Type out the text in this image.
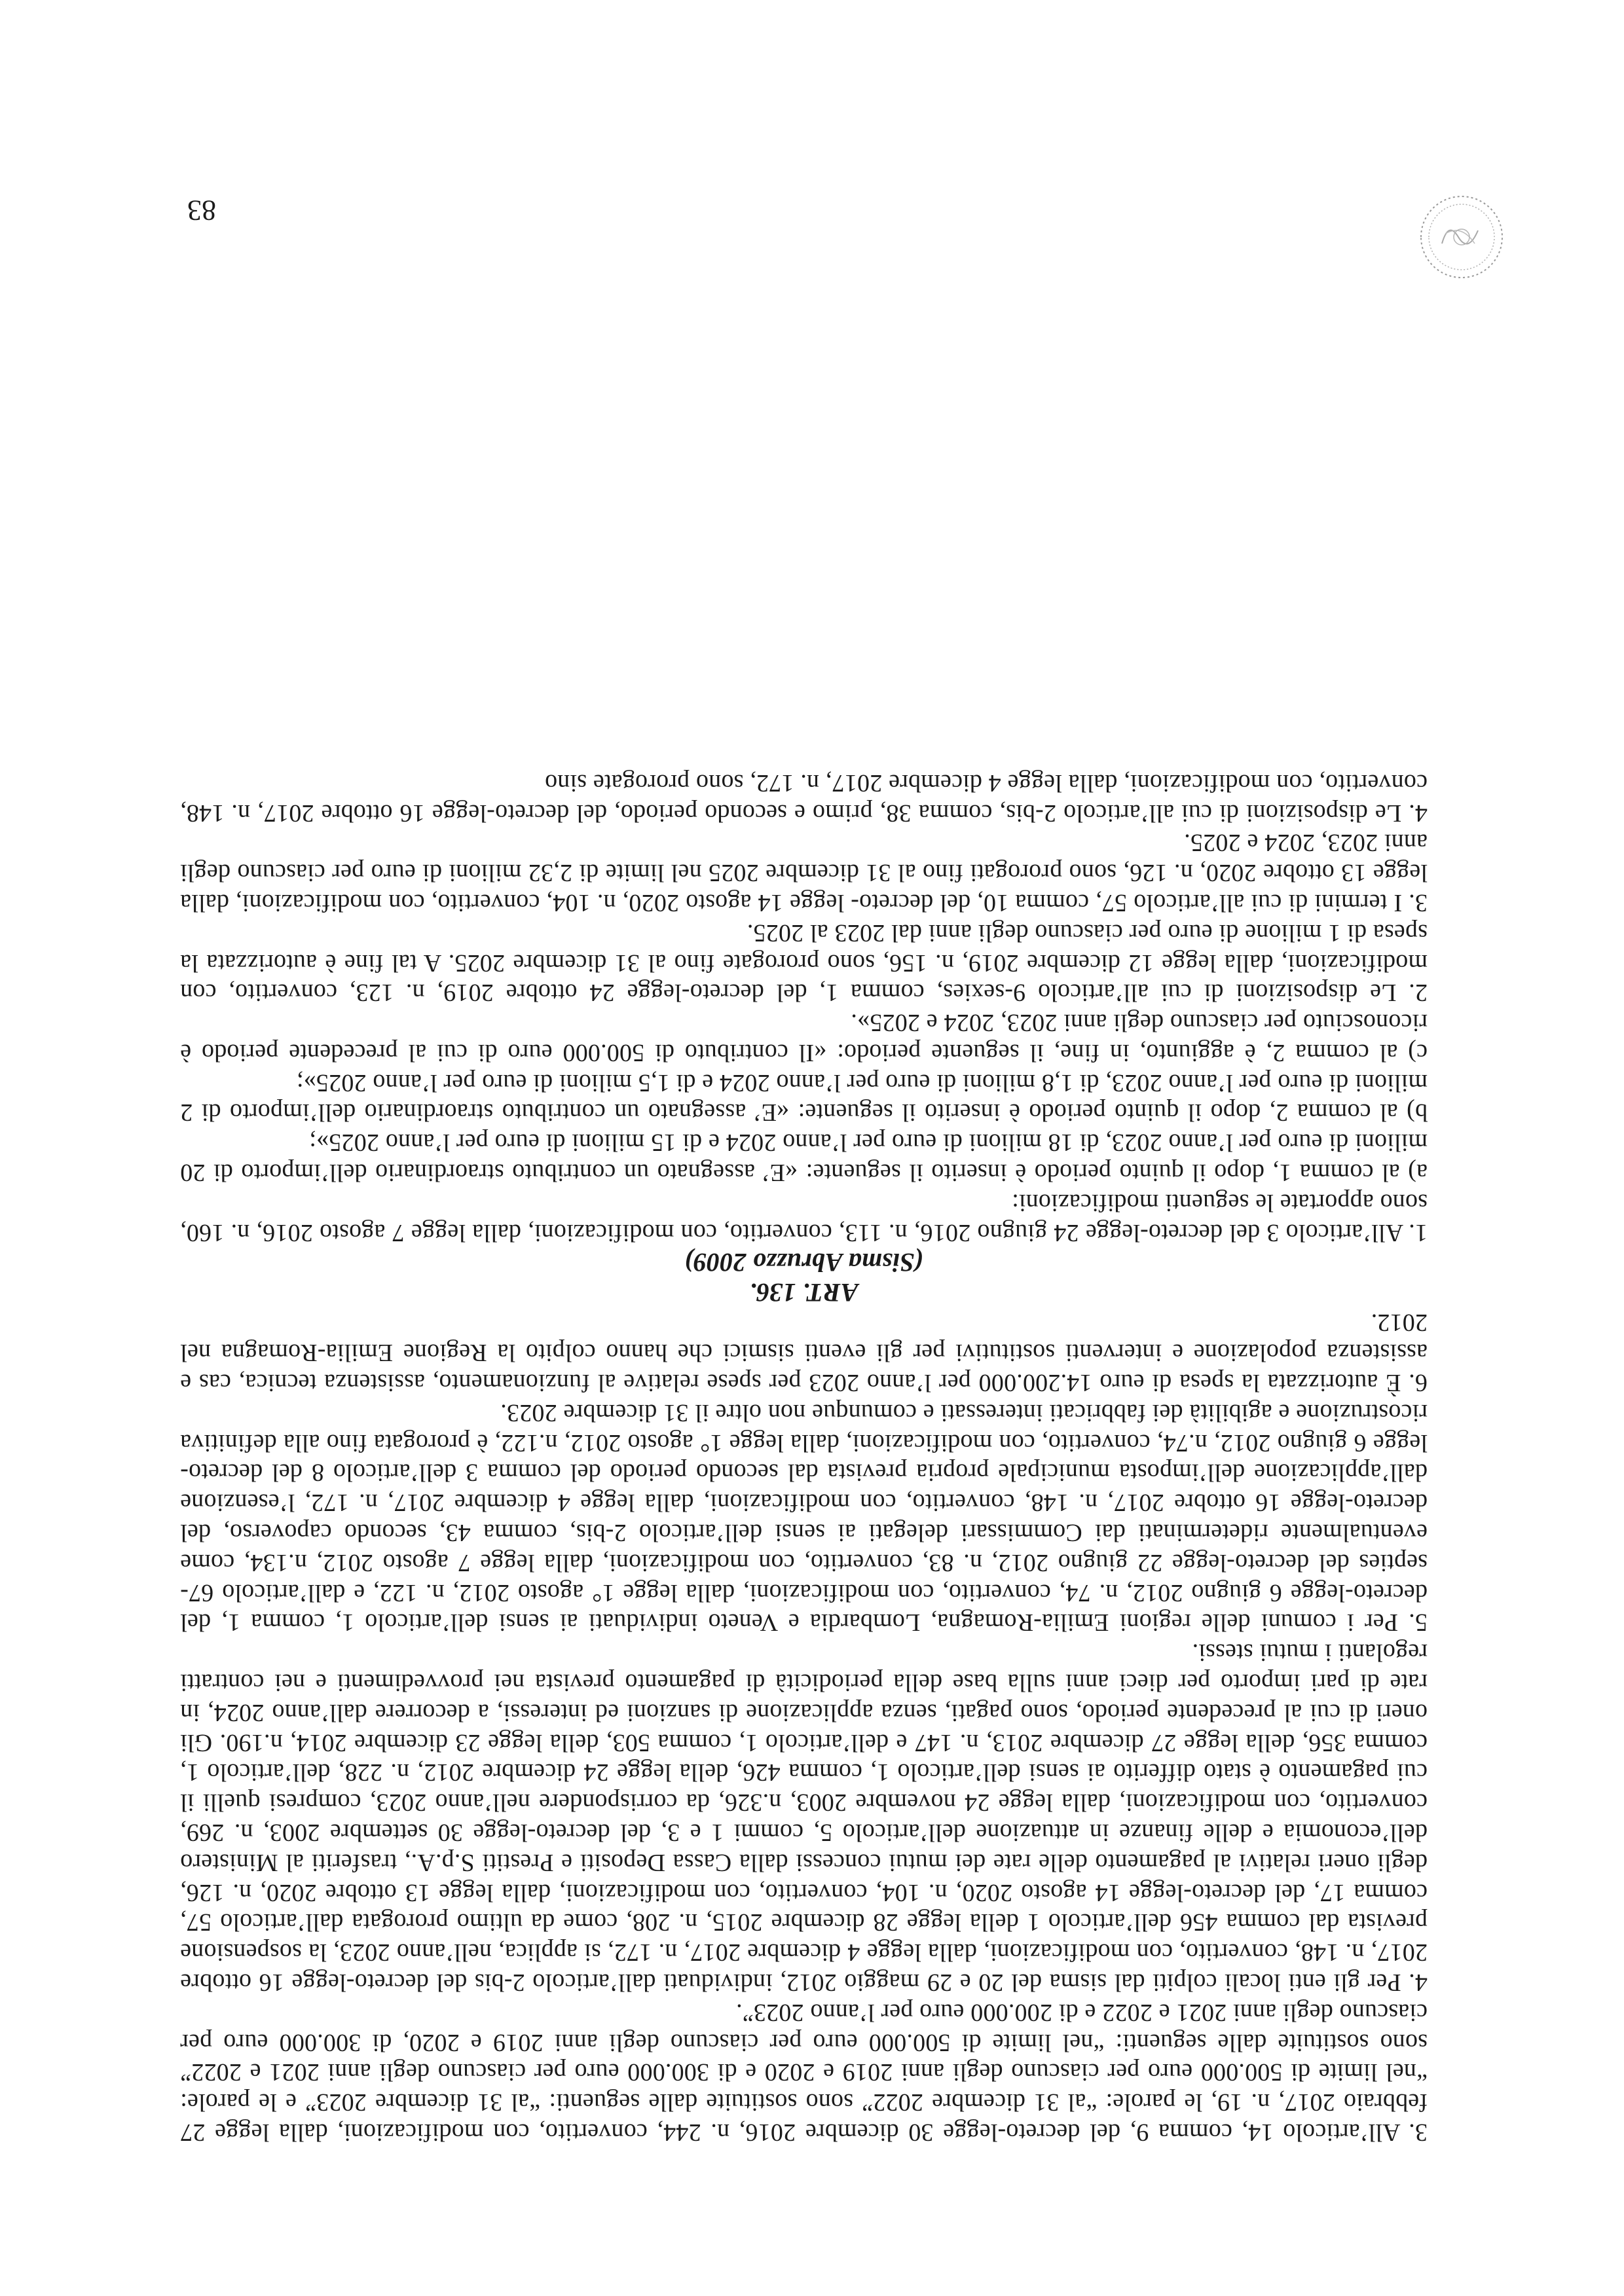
3. All’articolo 14, comma 9, del decreto-legge 30 dicembre 2016, n. 244, convertito, con modificazioni, dalla legge 27 febbraio 2017, n. 19, le parole: “al 31 dicembre 2022” sono sostituite dalle seguenti: “al 31 dicembre 2023” e le parole: “nel limite di 500.000 euro per ciascuno degli anni 2019 e 2020 e di 300.000 euro per ciascuno degli anni 2021 e 2022” sono sostituite dalle seguenti: “nel limite di 500.000 euro per ciascuno degli anni 2019 e 2020, di 300.000 euro per ciascuno degli anni 2021 e 2022 e di 200.000 euro per l’anno 2023”.

4. Per gli enti locali colpiti dal sisma del 20 e 29 maggio 2012, individuati dall’articolo 2-bis del decreto-legge 16 ottobre 2017, n. 148, convertito, con modificazioni, dalla legge 4 dicembre 2017, n. 172, si applica, nell’anno 2023, la sospensione prevista dal comma 456 dell’articolo 1 della legge 28 dicembre 2015, n. 208, come da ultimo prorogata dall’articolo 57, comma 17, del decreto-legge 14 agosto 2020, n. 104, convertito, con modificazioni, dalla legge 13 ottobre 2020, n. 126, degli oneri relativi al pagamento delle rate dei mutui concessi dalla Cassa Depositi e Prestiti S.p.A., trasferiti al Ministero dell’economia e delle finanze in attuazione dell’articolo 5, commi 1 e 3, del decreto-legge 30 settembre 2003, n. 269, convertito, con modificazioni, dalla legge 24 novembre 2003, n.326, da corrispondere nell’anno 2023, compresi quelli il cui pagamento è stato differito ai sensi dell’articolo 1, comma 426, della legge 24 dicembre 2012, n. 228, dell’articolo 1, comma 356, della legge 27 dicembre 2013, n. 147 e dell’articolo 1, comma 503, della legge 23 dicembre 2014, n.190. Gli oneri di cui al precedente periodo, sono pagati, senza applicazione di sanzioni ed interessi, a decorrere dall’anno 2024, in rate di pari importo per dieci anni sulla base della periodicità di pagamento prevista nei provvedimenti e nei contratti regolanti i mutui stessi.

5. Per i comuni delle regioni Emilia-Romagna, Lombardia e Veneto individuati ai sensi dell’articolo 1, comma 1, del decreto-legge 6 giugno 2012, n. 74, convertito, con modificazioni, dalla legge 1° agosto 2012, n. 122, e dall’articolo 67-septies del decreto-legge 22 giugno 2012, n. 83, convertito, con modificazioni, dalla legge 7 agosto 2012, n.134, come eventualmente rideterminati dai Commissari delegati ai sensi dell’articolo 2-bis, comma 43, secondo capoverso, del decreto-legge 16 ottobre 2017, n. 148, convertito, con modificazioni, dalla legge 4 dicembre 2017, n. 172, l’esenzione dall’applicazione dell’imposta municipale propria prevista dal secondo periodo del comma 3 dell’articolo 8 del decreto-legge 6 giugno 2012, n.74, convertito, con modificazioni, dalla legge 1° agosto 2012, n.122, è prorogata fino alla definitiva ricostruzione e agibilità dei fabbricati interessati e comunque non oltre il 31 dicembre 2023.

6. È autorizzata la spesa di euro 14.200.000 per l’anno 2023 per spese relative al funzionamento, assistenza tecnica, cas e assistenza popolazione e interventi sostitutivi per gli eventi sismici che hanno colpito la Regione Emilia-Romagna nel 2012.

ART. 136.

(Sisma Abruzzo 2009)

1. All’articolo 3 del decreto-legge 24 giugno 2016, n. 113, convertito, con modificazioni, dalla legge 7 agosto 2016, n. 160, sono apportate le seguenti modificazioni:

a) al comma 1, dopo il quinto periodo è inserito il seguente: «E’ assegnato un contributo straordinario dell’importo di 20 milioni di euro per l’anno 2023, di 18 milioni di euro per l’anno 2024 e di 15 milioni di euro per l’anno 2025»;

b) al comma 2, dopo il quinto periodo è inserito il seguente: «E’ assegnato un contributo straordinario dell’importo di 2 milioni di euro per l’anno 2023, di 1,8 milioni di euro per l’anno 2024 e di 1,5 milioni di euro per l’anno 2025»;

c) al comma 2, è aggiunto, in fine, il seguente periodo: «Il contributo di 500.000 euro di cui al precedente periodo è riconosciuto per ciascuno degli anni 2023, 2024 e 2025».

2. Le disposizioni di cui all’articolo 9-sexies, comma 1, del decreto-legge 24 ottobre 2019, n. 123, convertito, con modificazioni, dalla legge 12 dicembre 2019, n. 156, sono prorogate fino al 31 dicembre 2025. A tal fine è autorizzata la spesa di 1 milione di euro per ciascuno degli anni dal 2023 al 2025.

3. I termini di cui all’articolo 57, comma 10, del decreto- legge 14 agosto 2020, n. 104, convertito, con modificazioni, dalla legge 13 ottobre 2020, n. 126, sono prorogati fino al 31 dicembre 2025 nel limite di 2,32 milioni di euro per ciascuno degli anni 2023, 2024 e 2025.

4. Le disposizioni di cui all’articolo 2-bis, comma 38, primo e secondo periodo, del decreto-legge 16 ottobre 2017, n. 148, convertito, con modificazioni, dalla legge 4 dicembre 2017, n. 172, sono prorogate sino

83
